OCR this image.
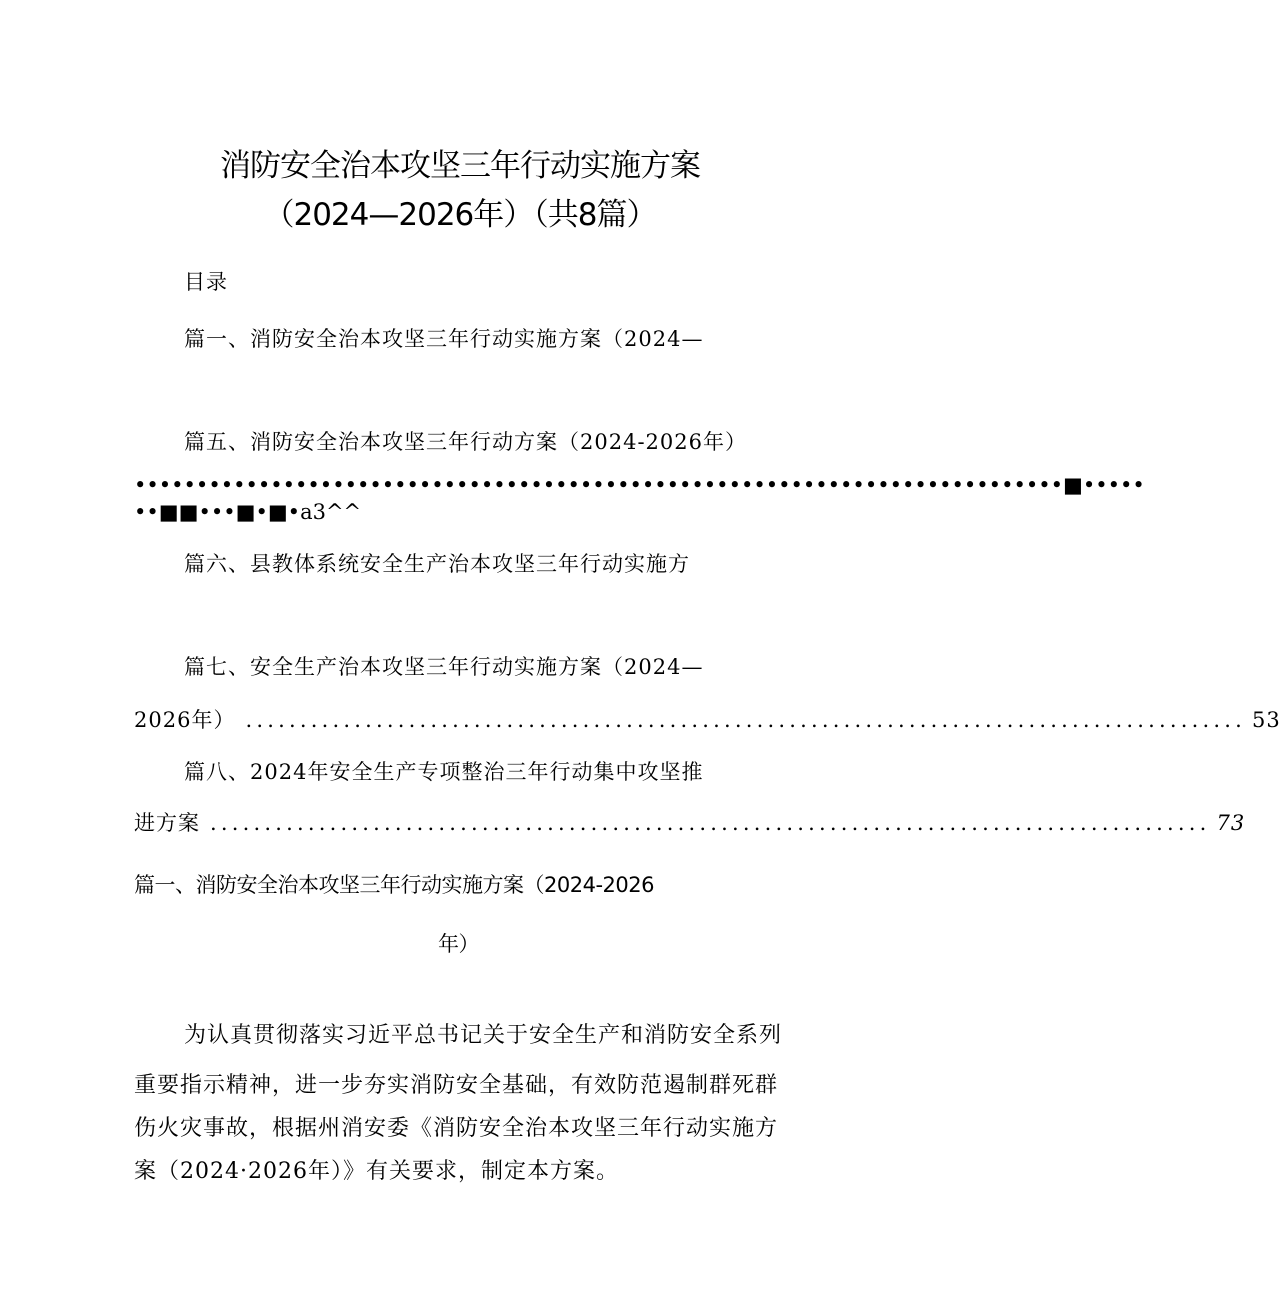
消防安全治本攻坚三年行动实施方案
（2024—2026年）（共8篇）
目录
篇一、消防安全治本攻坚三年行动实施方案（2024—
篇五、消防安全治本攻坚三年行动方案（2024-2026年）
•••••••••••••••••••••••••••••••••••••••••••••••••••••••••••••••••••••••••••■•••••
••■■•••■•■•a3^^
篇六、县教体系统安全生产治本攻坚三年行动实施方
篇七、安全生产治本攻坚三年行动实施方案（2024—
2026年） ............................................................................................ 53
篇八、2024年安全生产专项整治三年行动集中攻坚推
进方案 ............................................................................................ 73
篇一、消防安全治本攻坚三年行动实施方案（2024-2026
年）
为认真贯彻落实习近平总书记关于安全生产和消防安全系列
重要指示精神，进一步夯实消防安全基础，有效防范遏制群死群
伤火灾事故，根据州消安委《消防安全治本攻坚三年行动实施方
案（2024·2026年）》有关要求，制定本方案。
